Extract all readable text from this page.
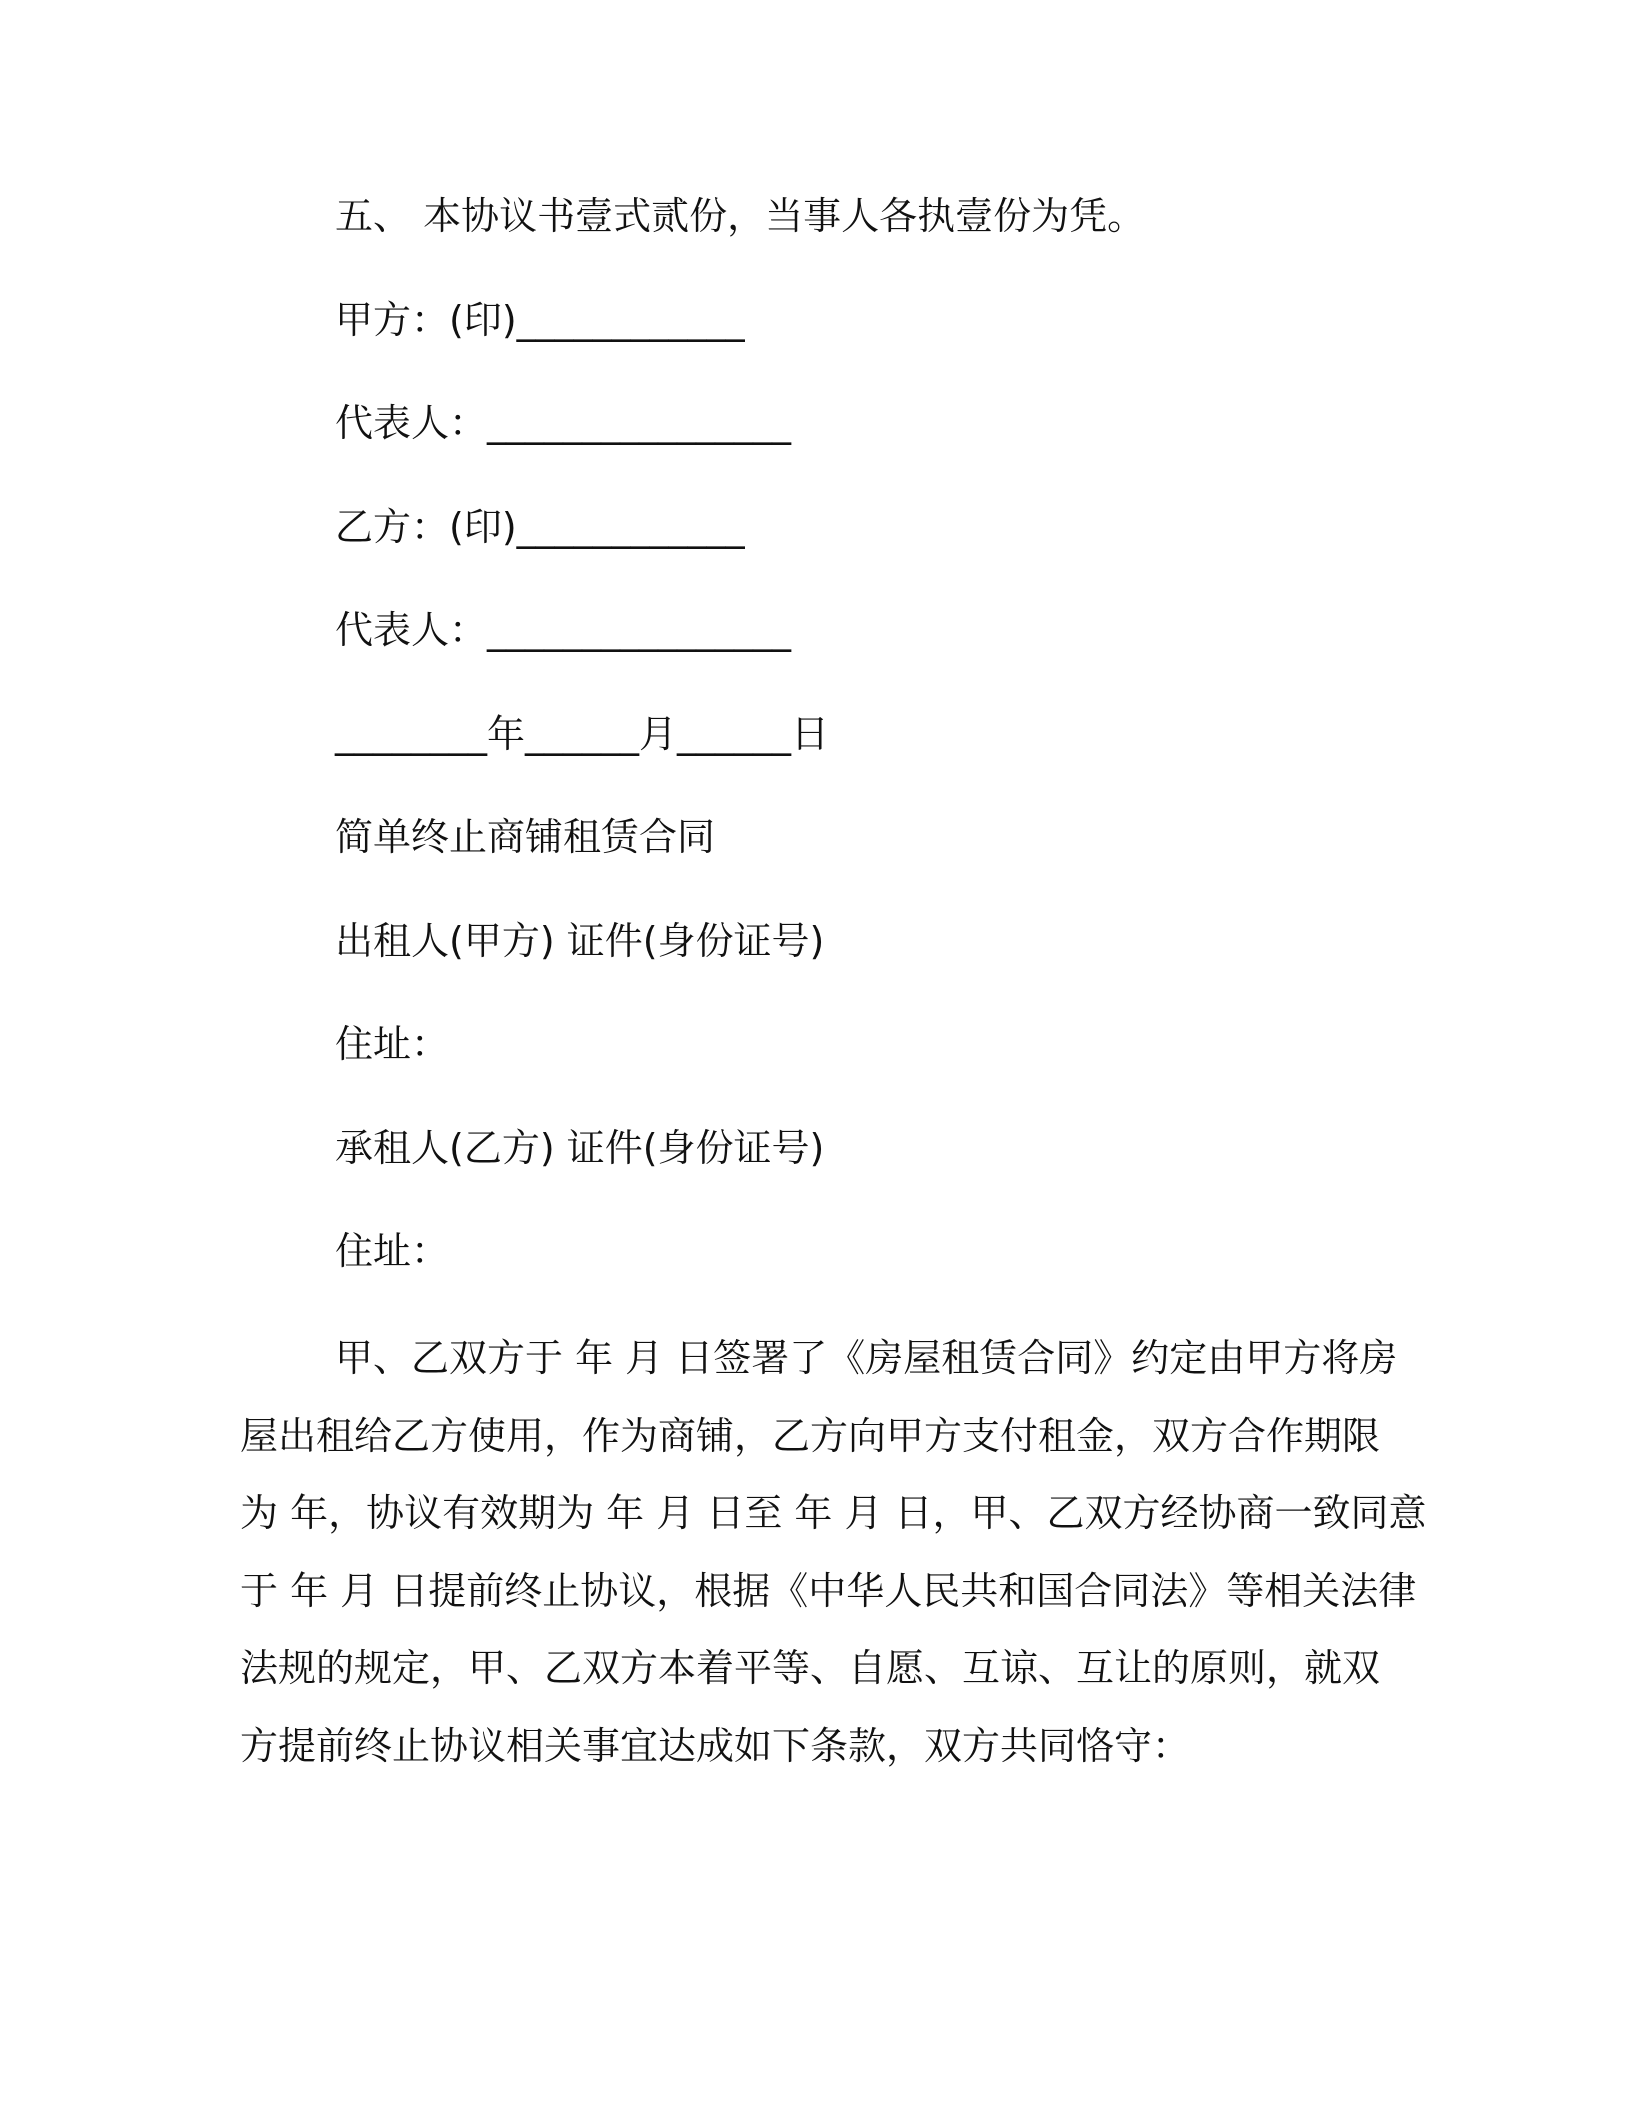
五、 本协议书壹式贰份，当事人各执壹份为凭。
甲方：(印)____________
代表人：________________
乙方：(印)____________
代表人：________________
________年______月______日
简单终止商铺租赁合同
出租人(甲方) 证件(身份证号)
住址：
承租人(乙方) 证件(身份证号)
住址：
甲、乙双方于 年 月 日签署了《房屋租赁合同》约定由甲方将房
屋出租给乙方使用，作为商铺，乙方向甲方支付租金，双方合作期限
为 年，协议有效期为 年 月 日至 年 月 日，甲、乙双方经协商一致同意
于 年 月 日提前终止协议，根据《中华人民共和国合同法》等相关法律
法规的规定，甲、乙双方本着平等、自愿、互谅、互让的原则，就双
方提前终止协议相关事宜达成如下条款，双方共同恪守：
